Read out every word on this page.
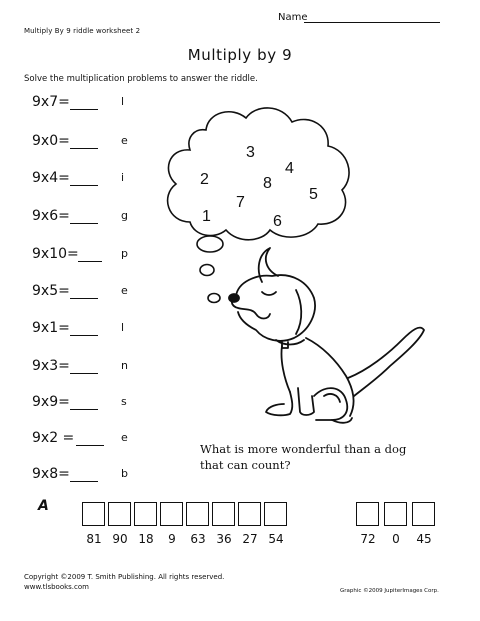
Name
Multiply By 9 riddle worksheet 2
Multiply by 9
Solve the multiplication problems to answer the riddle.
9x7=	l
9x0=	e
9x4=	i
9x6=	g
9x10=	p
9x5=	e
9x1=	l
9x3=	n
9x9=	s
9x2 =	e
9x8=	b
3
4
2	8
7	5
1	6
What is more wonderful than a dog
that can count?
A
81 90 18	9	63 36 27 54	72	0	45
Copyright ©2009 T. Smith Publishing. All rights reserved.
www.tlsbooks.com	Graphic ©2009 JupiterImages Corp.
